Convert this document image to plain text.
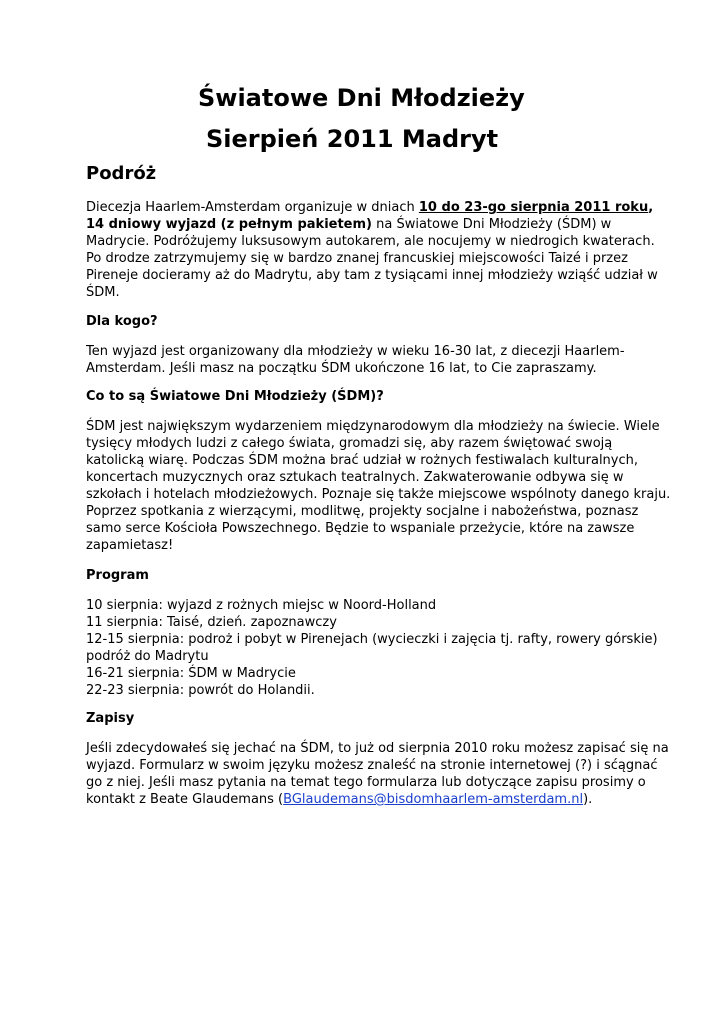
Światowe Dni Młodzieży
Sierpień 2011 Madryt
Podróż

Diecezja Haarlem-Amsterdam organizuje w dniach 10 do 23-go sierpnia 2011 roku,

14 dniowy wyjazd (z pełnym pakietem) na Światowe Dni Młodzieży (ŚDM) w

Madrycie. Podróżujemy luksusowym autokarem, ale nocujemy w niedrogich kwaterach.

Po drodze zatrzymujemy się w bardzo znanej francuskiej miejscowości Taizé i przez

Pireneje docieramy aż do Madrytu, aby tam z tysiącami innej młodzieży wziąść udział w

ŚDM.

Dla kogo?

Ten wyjazd jest organizowany dla młodzieży w wieku 16-30 lat, z diecezji Haarlem-

Amsterdam. Jeśli masz na początku ŚDM ukończone 16 lat, to Cie zapraszamy.

Co to są Światowe Dni Młodzieży (ŚDM)?

ŚDM jest największym wydarzeniem międzynarodowym dla młodzieży na świecie. Wiele

tysięcy młodych ludzi z całego świata, gromadzi się, aby razem świętować swoją

katolicką wiarę. Podczas ŚDM można brać udział w rożnych festiwalach kulturalnych,

koncertach muzycznych oraz sztukach teatralnych. Zakwaterowanie odbywa się w

szkołach i hotelach młodzieżowych. Poznaje się także miejscowe wspólnoty danego kraju.

Poprzez spotkania z wierzącymi, modlitwę, projekty socjalne i nabożeństwa, poznasz

samo serce Kościoła Powszechnego. Będzie to wspaniale przeżycie, które na zawsze

zapamietasz!

Program

10 sierpnia: wyjazd z rożnych miejsc w Noord-Holland

11 sierpnia: Taisé, dzień. zapoznawczy

12-15 sierpnia: podroż i pobyt w Pirenejach (wycieczki i zajęcia tj. rafty, rowery górskie)

podróż do Madrytu

16-21 sierpnia: ŚDM w Madrycie

22-23 sierpnia: powrót do Holandii.

Zapisy

Jeśli zdecydowałeś się jechać na ŚDM, to już od sierpnia 2010 roku możesz zapisać się na

wyjazd. Formularz w swoim języku możesz znaleść na stronie internetowej (?) i sćągnać

go z niej. Jeśli masz pytania na temat tego formularza lub dotyczące zapisu prosimy o

kontakt z Beate Glaudemans (BGlaudemans@bisdomhaarlem-amsterdam.nl).
